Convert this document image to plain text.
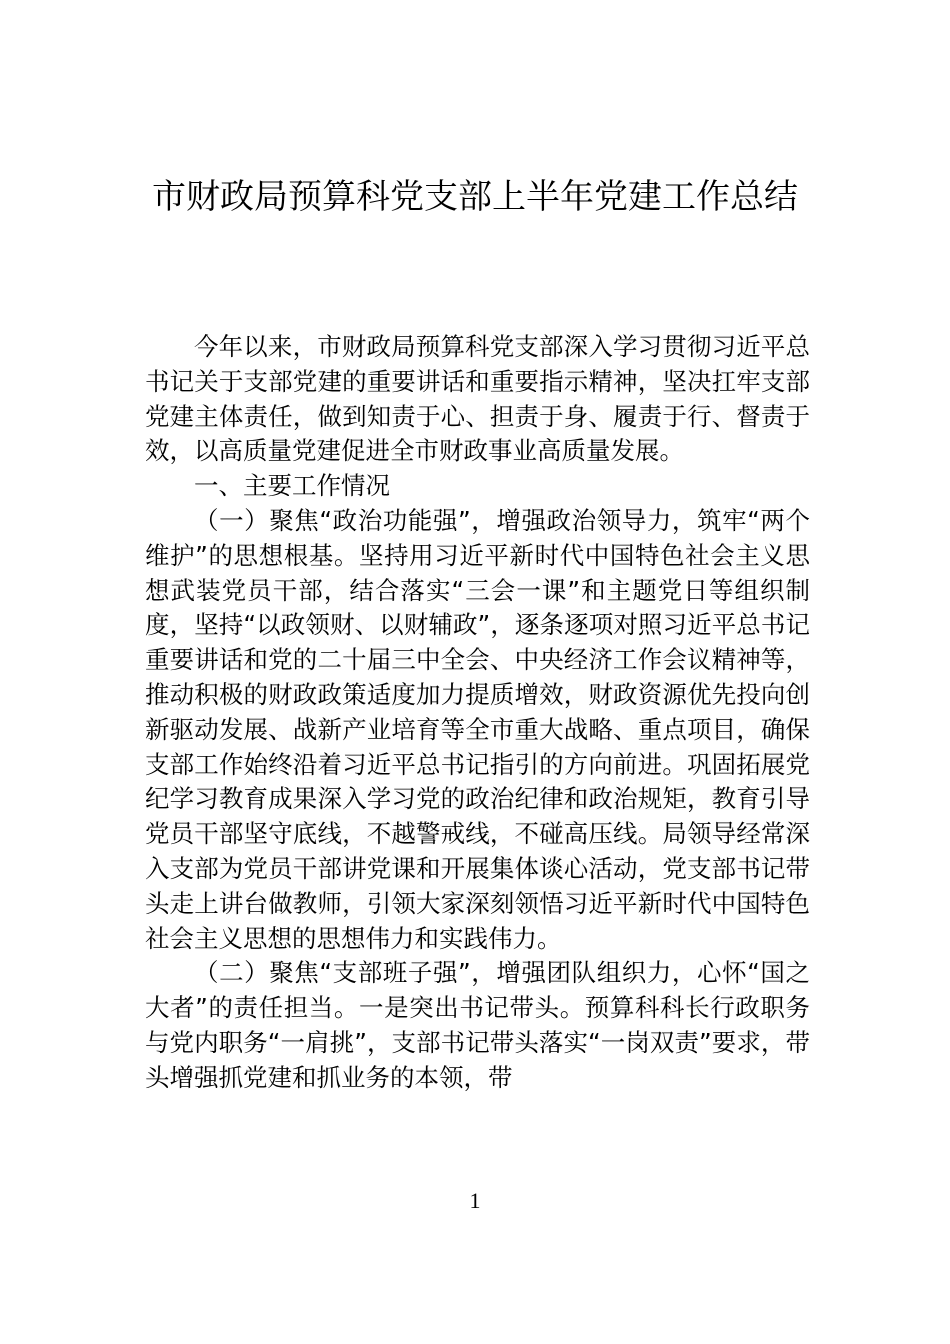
市财政局预算科党支部上半年党建工作总结

今年以来，市财政局预算科党支部深入学习贯彻习近平总书记关于支部党建的重要讲话和重要指示精神，坚决扛牢支部党建主体责任，做到知责于心、担责于身、履责于行、督责于效，以高质量党建促进全市财政事业高质量发展。

一、主要工作情况

（一）聚焦“政治功能强”，增强政治领导力，筑牢“两个维护”的思想根基。坚持用习近平新时代中国特色社会主义思想武装党员干部，结合落实“三会一课”和主题党日等组织制度，坚持“以政领财、以财辅政”，逐条逐项对照习近平总书记重要讲话和党的二十届三中全会、中央经济工作会议精神等，推动积极的财政政策适度加力提质增效，财政资源优先投向创新驱动发展、战新产业培育等全市重大战略、重点项目，确保支部工作始终沿着习近平总书记指引的方向前进。巩固拓展党纪学习教育成果深入学习党的政治纪律和政治规矩，教育引导党员干部坚守底线，不越警戒线，不碰高压线。局领导经常深入支部为党员干部讲党课和开展集体谈心活动，党支部书记带头走上讲台做教师，引领大家深刻领悟习近平新时代中国特色社会主义思想的思想伟力和实践伟力。

（二）聚焦“支部班子强”，增强团队组织力，心怀“国之大者”的责任担当。一是突出书记带头。预算科科长行政职务与党内职务“一肩挑”，支部书记带头落实“一岗双责”要求，带头增强抓党建和抓业务的本领，带

1
